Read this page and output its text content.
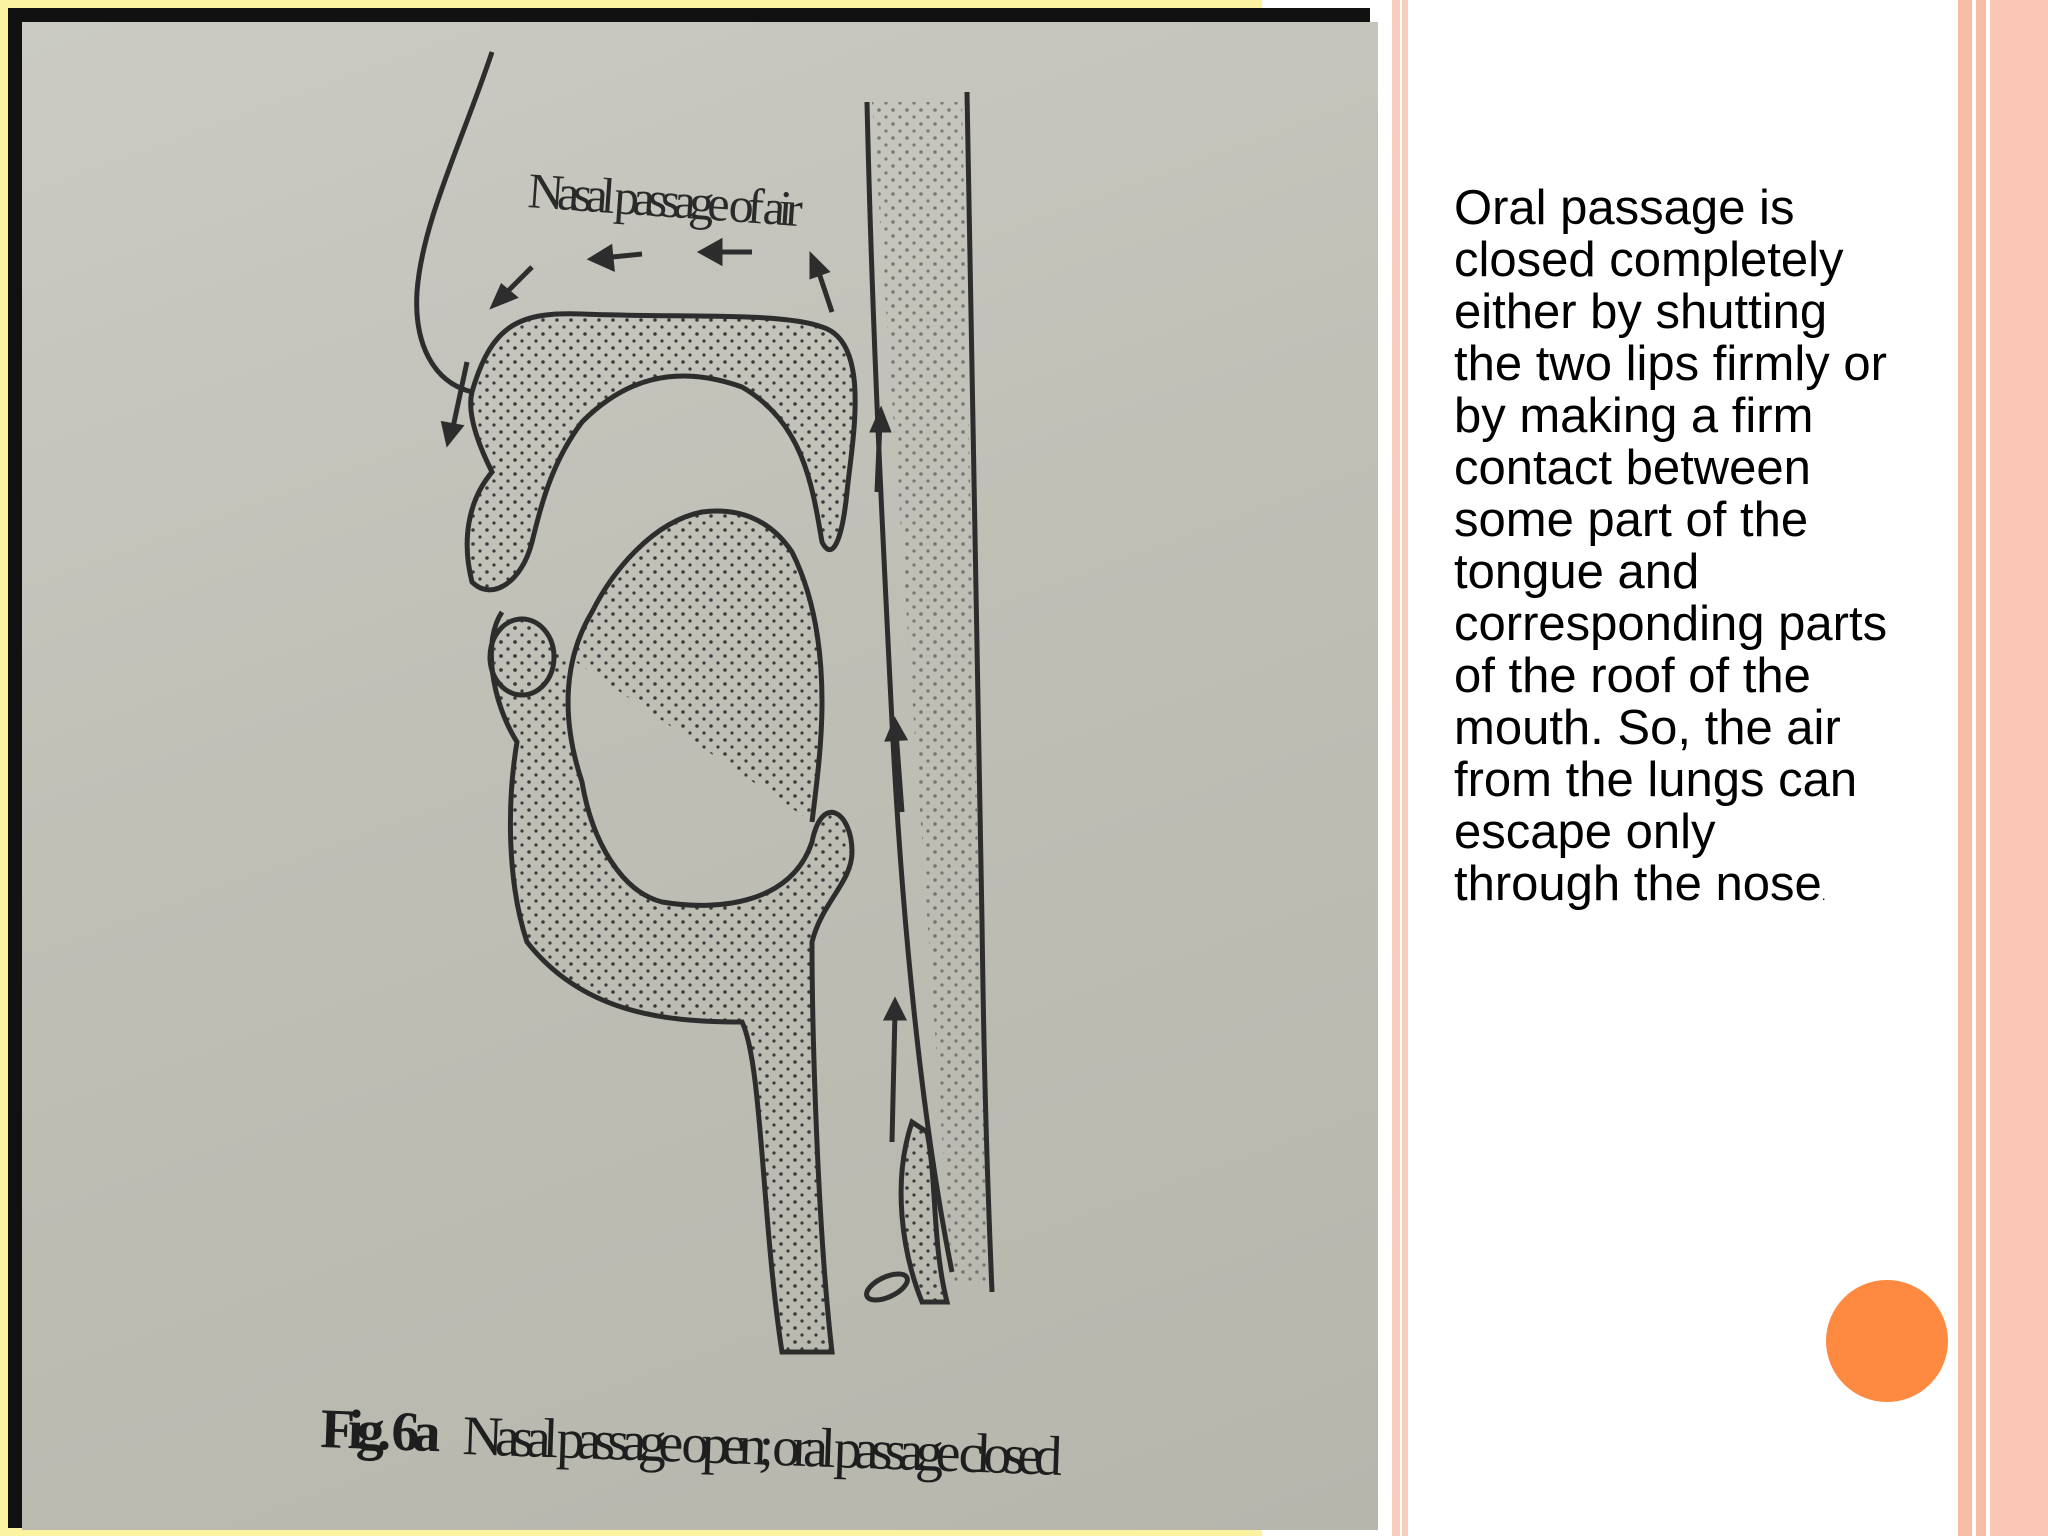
Nasal passage of air
Fig. 6a Nasal passage open; oral passage closed

Oral passage is closed completely either by shutting the two lips firmly or by making a firm contact between some part of the tongue and corresponding parts of the roof of the mouth. So, the air from the lungs can escape only through the nose.
